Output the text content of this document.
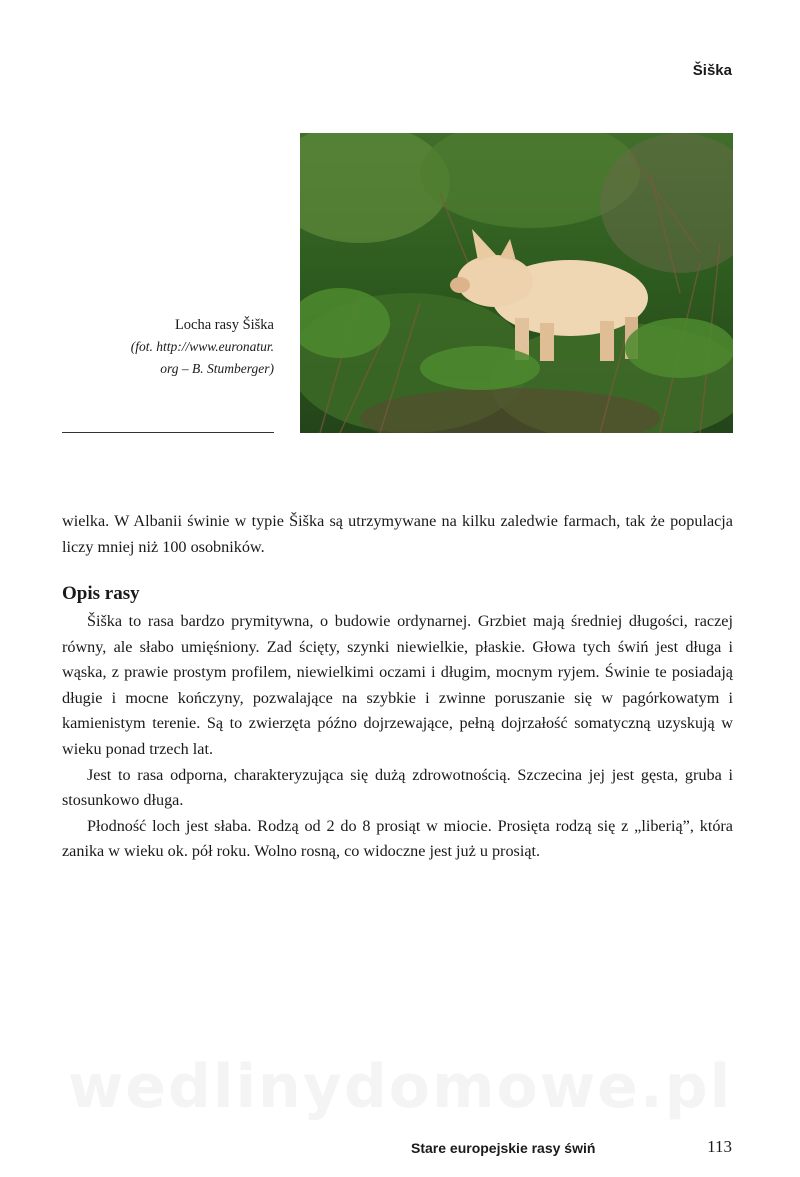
Šiška
Locha rasy Šiška
(fot. http://www.euronatur.
org – B. Stumberger)

wielka. W Albanii świnie w typie Šiška są utrzymywane na kilku zaledwie farmach, tak że populacja liczy mniej niż 100 osobników.

Opis rasy

Šiška to rasa bardzo prymitywna, o budowie ordynarnej. Grzbiet mają średniej długości, raczej równy, ale słabo umięśniony. Zad ścięty, szynki niewielkie, płaskie. Głowa tych świń jest długa i wąska, z prawie prostym profilem, niewielkimi oczami i długim, mocnym ryjem. Świnie te posiadają długie i mocne kończyny, pozwalające na szybkie i zwinne poruszanie się w pagórkowatym i kamienistym terenie. Są to zwierzęta późno dojrzewające, pełną dojrzałość somatyczną uzyskują w wieku ponad trzech lat.

Jest to rasa odporna, charakteryzująca się dużą zdrowotnością. Szczecina jej jest gęsta, gruba i stosunkowo długa.

Płodność loch jest słaba. Rodzą od 2 do 8 prosiąt w miocie. Prosięta rodzą się z „liberią”, która zanika w wieku ok. pół roku. Wolno rosną, co widoczne jest już u prosiąt.

wedlinydomowe.pl
Stare europejskie rasy świń	113
